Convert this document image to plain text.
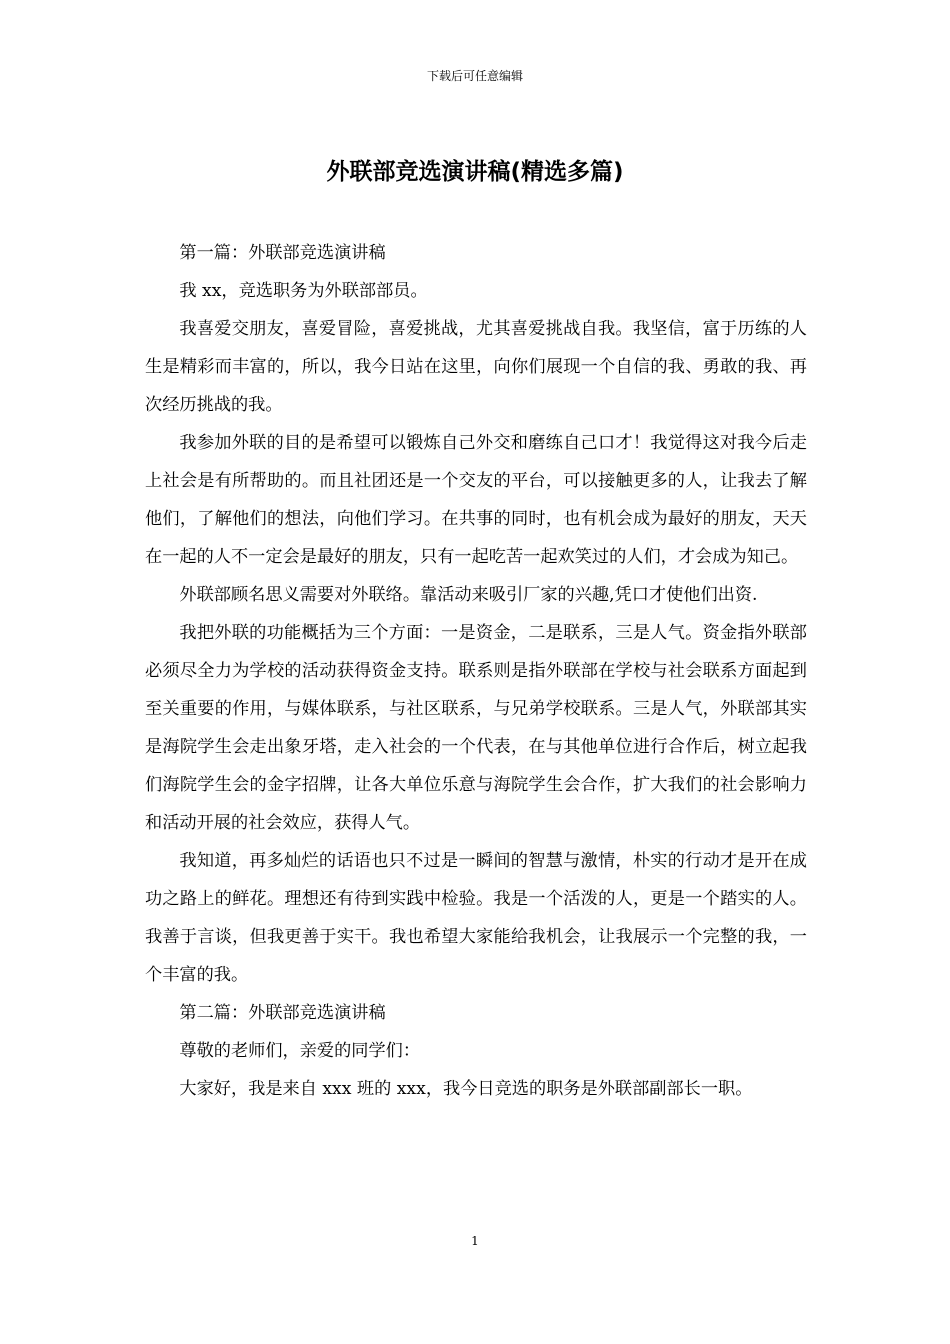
下载后可任意编辑
外联部竞选演讲稿(精选多篇)

第一篇：外联部竞选演讲稿

我 xx，竞选职务为外联部部员。

我喜爱交朋友，喜爱冒险，喜爱挑战，尤其喜爱挑战自我。我坚信，富于历练的人生是精彩而丰富的，所以，我今日站在这里，向你们展现一个自信的我、勇敢的我、再次经历挑战的我。

我参加外联的目的是希望可以锻炼自己外交和磨练自己口才！我觉得这对我今后走上社会是有所帮助的。而且社团还是一个交友的平台，可以接触更多的人，让我去了解他们，了解他们的想法，向他们学习。在共事的同时，也有机会成为最好的朋友，天天在一起的人不一定会是最好的朋友，只有一起吃苦一起欢笑过的人们，才会成为知己。

外联部顾名思义需要对外联络。靠活动来吸引厂家的兴趣,凭口才使他们出资.

我把外联的功能概括为三个方面：一是资金，二是联系，三是人气。资金指外联部必须尽全力为学校的活动获得资金支持。联系则是指外联部在学校与社会联系方面起到至关重要的作用，与媒体联系，与社区联系，与兄弟学校联系。三是人气，外联部其实是海院学生会走出象牙塔，走入社会的一个代表，在与其他单位进行合作后，树立起我们海院学生会的金字招牌，让各大单位乐意与海院学生会合作，扩大我们的社会影响力和活动开展的社会效应，获得人气。

我知道，再多灿烂的话语也只不过是一瞬间的智慧与激情，朴实的行动才是开在成功之路上的鲜花。理想还有待到实践中检验。我是一个活泼的人，更是一个踏实的人。我善于言谈，但我更善于实干。我也希望大家能给我机会，让我展示一个完整的我，一个丰富的我。

第二篇：外联部竞选演讲稿

尊敬的老师们，亲爱的同学们：

大家好，我是来自 xxx 班的 xxx，我今日竞选的职务是外联部副部长一职。

1
